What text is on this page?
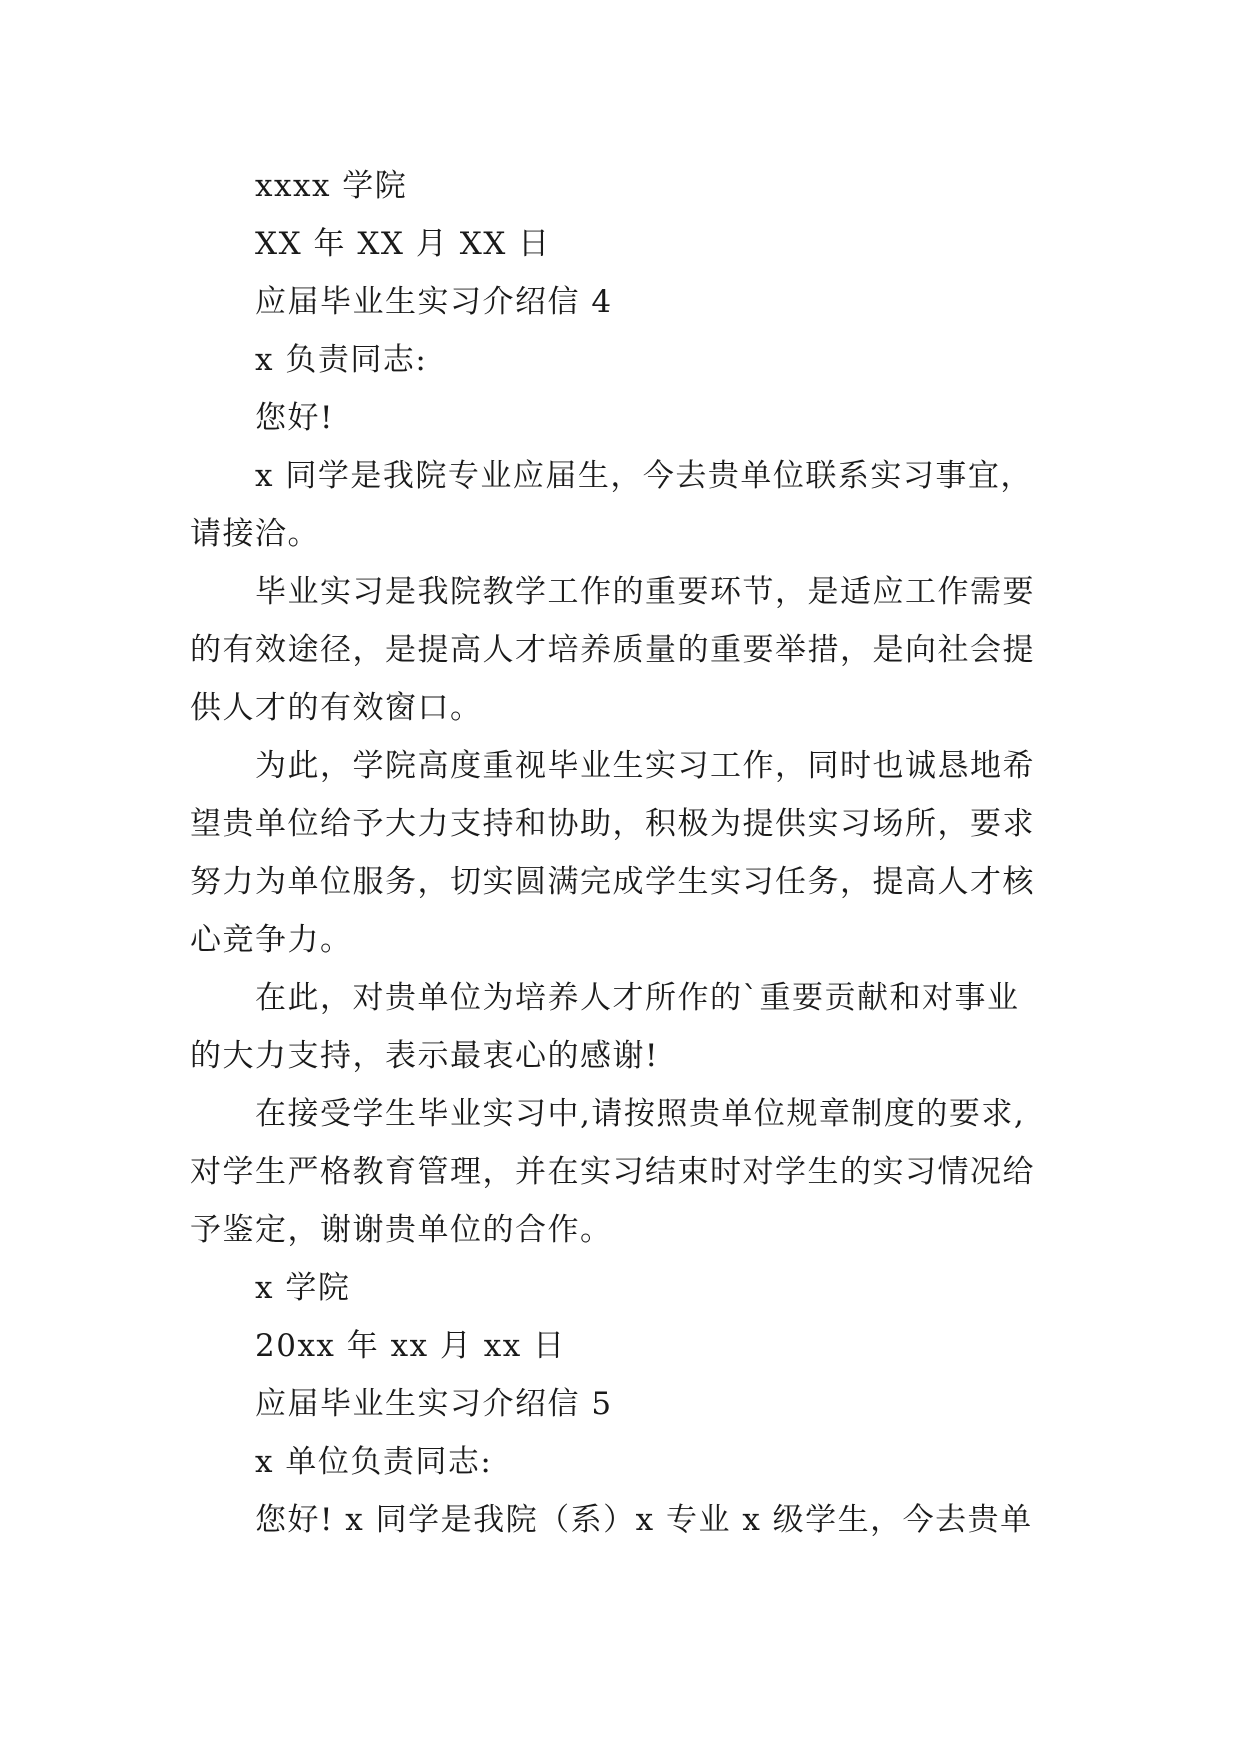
xxxx 学院
XX 年 XX 月 XX 日
应届毕业生实习介绍信 4
x 负责同志:
您好!
x 同学是我院专业应届生，今去贵单位联系实习事宜，
请接洽。
毕业实习是我院教学工作的重要环节，是适应工作需要
的有效途径，是提高人才培养质量的重要举措，是向社会提
供人才的有效窗口。
为此，学院高度重视毕业生实习工作，同时也诚恳地希
望贵单位给予大力支持和协助，积极为提供实习场所，要求
努力为单位服务，切实圆满完成学生实习任务，提高人才核
心竞争力。
在此，对贵单位为培养人才所作的`重要贡献和对事业
的大力支持，表示最衷心的感谢!
在接受学生毕业实习中,请按照贵单位规章制度的要求,
对学生严格教育管理，并在实习结束时对学生的实习情况给
予鉴定，谢谢贵单位的合作。
x 学院
20xx 年 xx 月 xx 日
应届毕业生实习介绍信 5
x 单位负责同志:
您好! x 同学是我院（系）x 专业 x 级学生，今去贵单
